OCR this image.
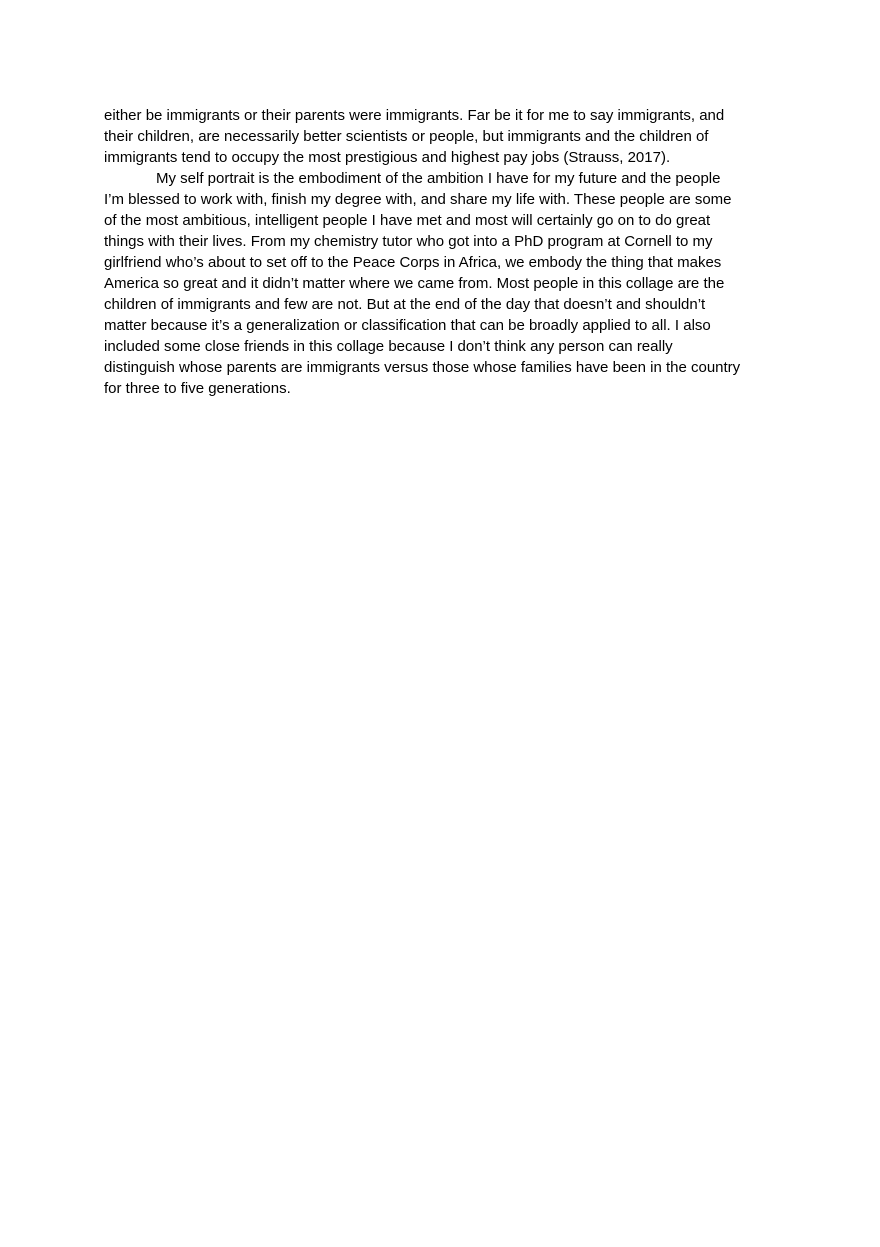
either be immigrants or their parents were immigrants. Far be it for me to say immigrants, and
their children, are necessarily better scientists or people, but immigrants and the children of
immigrants tend to occupy the most prestigious and highest pay jobs (Strauss, 2017).
My self portrait is the embodiment of the ambition I have for my future and the people
I’m blessed to work with, finish my degree with, and share my life with. These people are some
of the most ambitious, intelligent people I have met and most will certainly go on to do great
things with their lives. From my chemistry tutor who got into a PhD program at Cornell to my
girlfriend who’s about to set off to the Peace Corps in Africa, we embody the thing that makes
America so great and it didn’t matter where we came from. Most people in this collage are the
children of immigrants and few are not. But at the end of the day that doesn’t and shouldn’t
matter because it’s a generalization or classification that can be broadly applied to all. I also
included some close friends in this collage because I don’t think any person can really
distinguish whose parents are immigrants versus those whose families have been in the country
for three to five generations.
